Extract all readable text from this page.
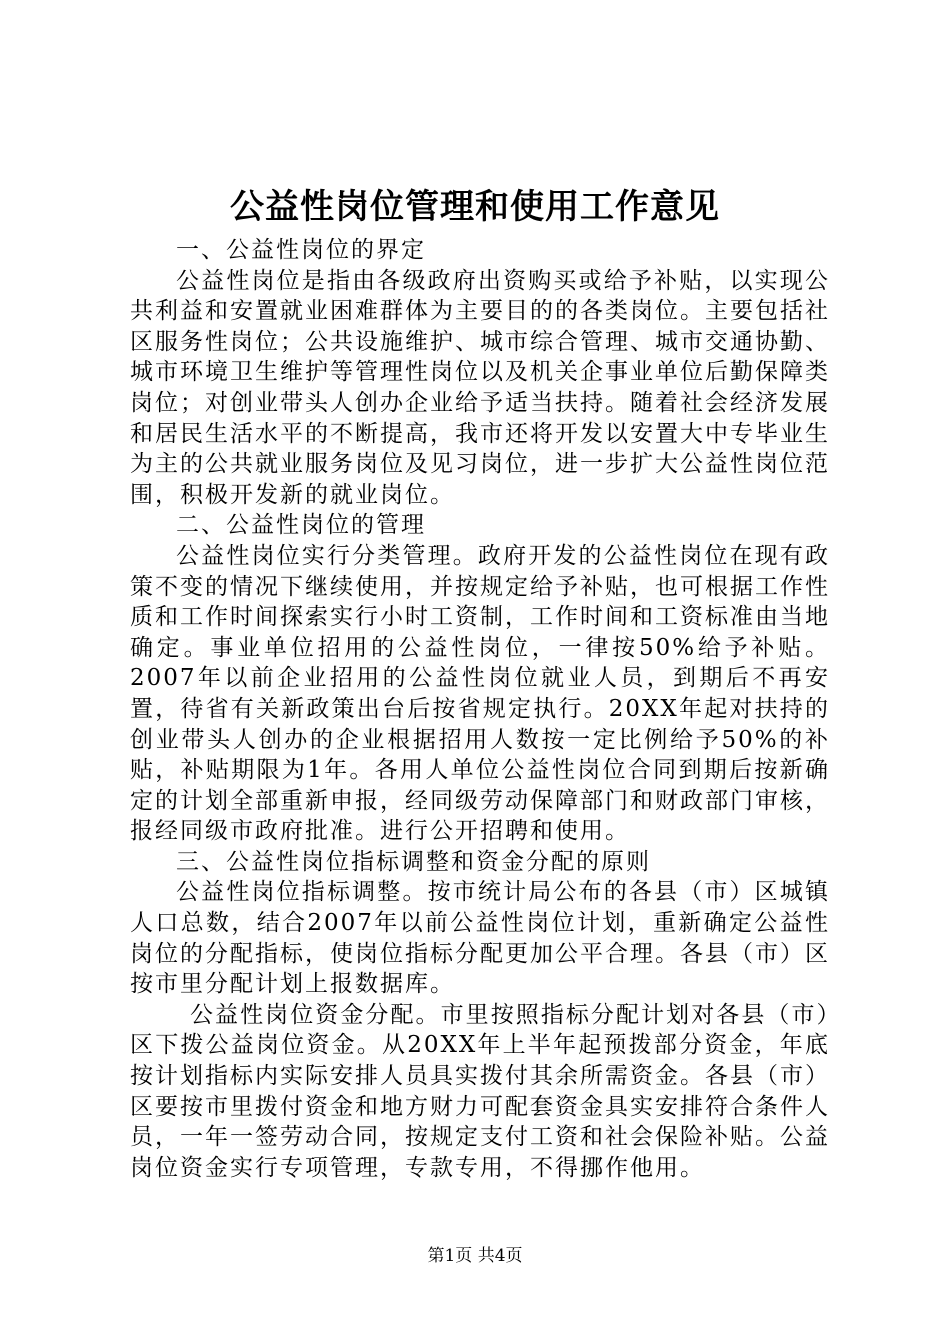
公益性岗位管理和使用工作意见

一、公益性岗位的界定

公益性岗位是指由各级政府出资购买或给予补贴，以实现公共利益和安置就业困难群体为主要目的的各类岗位。主要包括社区服务性岗位；公共设施维护、城市综合管理、城市交通协勤、城市环境卫生维护等管理性岗位以及机关企事业单位后勤保障类岗位；对创业带头人创办企业给予适当扶持。随着社会经济发展和居民生活水平的不断提高，我市还将开发以安置大中专毕业生为主的公共就业服务岗位及见习岗位，进一步扩大公益性岗位范围，积极开发新的就业岗位。

二、公益性岗位的管理

公益性岗位实行分类管理。政府开发的公益性岗位在现有政策不变的情况下继续使用，并按规定给予补贴，也可根据工作性质和工作时间探索实行小时工资制，工作时间和工资标准由当地确定。事业单位招用的公益性岗位，一律按50%给予补贴。2007年以前企业招用的公益性岗位就业人员，到期后不再安置，待省有关新政策出台后按省规定执行。20XX年起对扶持的创业带头人创办的企业根据招用人数按一定比例给予50%的补贴，补贴期限为1年。各用人单位公益性岗位合同到期后按新确定的计划全部重新申报，经同级劳动保障部门和财政部门审核，报经同级市政府批准。进行公开招聘和使用。

三、公益性岗位指标调整和资金分配的原则

公益性岗位指标调整。按市统计局公布的各县（市）区城镇人口总数，结合2007年以前公益性岗位计划，重新确定公益性岗位的分配指标，使岗位指标分配更加公平合理。各县（市）区按市里分配计划上报数据库。

公益性岗位资金分配。市里按照指标分配计划对各县（市）区下拨公益岗位资金。从20XX年上半年起预拨部分资金，年底按计划指标内实际安排人员具实拨付其余所需资金。各县（市）区要按市里拨付资金和地方财力可配套资金具实安排符合条件人员，一年一签劳动合同，按规定支付工资和社会保险补贴。公益岗位资金实行专项管理，专款专用，不得挪作他用。

第1页 共4页
